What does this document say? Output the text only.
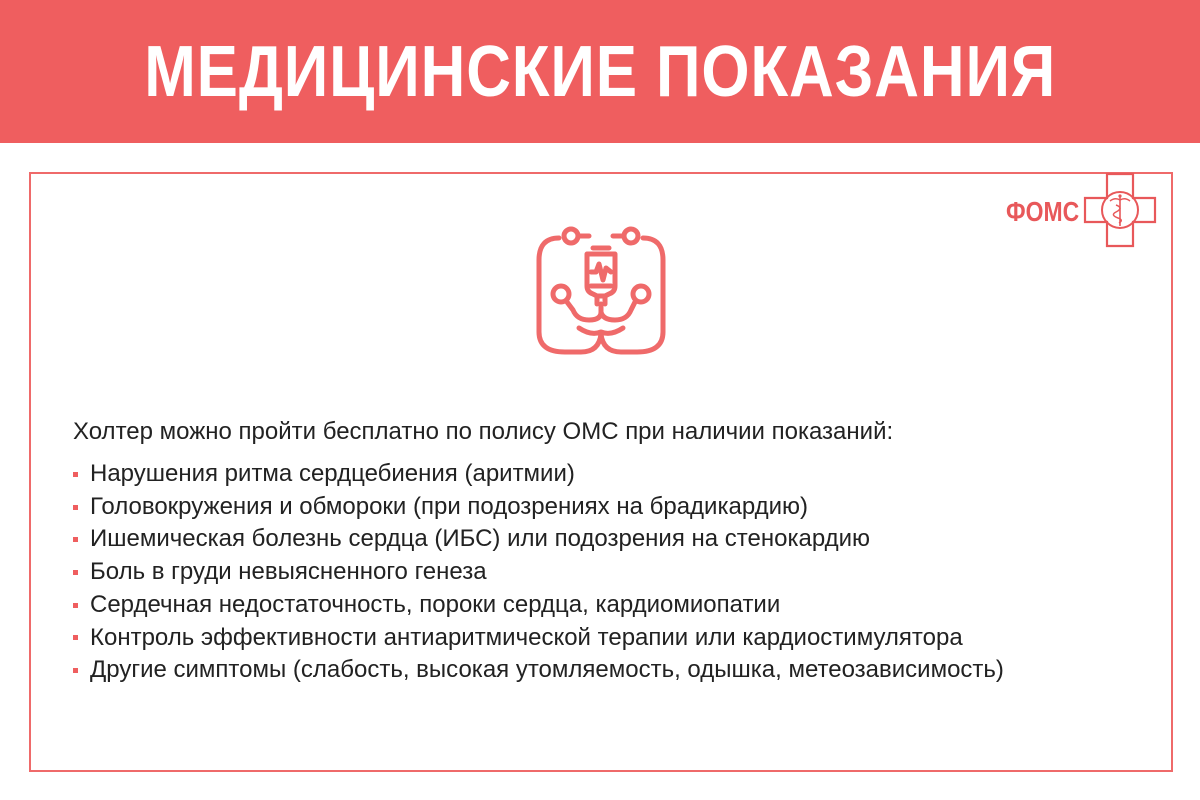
МЕДИЦИНСКИЕ ПОКАЗАНИЯ
ФОМС
Холтер можно пройти бесплатно по полису ОМС при наличии показаний:
Нарушения ритма сердцебиения (аритмии)
Головокружения и обмороки (при подозрениях на брадикардию)
Ишемическая болезнь сердца (ИБС) или подозрения на стенокардию
Боль в груди невыясненного генеза
Сердечная недостаточность, пороки сердца, кардиомиопатии
Контроль эффективности антиаритмической терапии или кардиостимулятора
Другие симптомы (слабость, высокая утомляемость, одышка, метеозависимость)
